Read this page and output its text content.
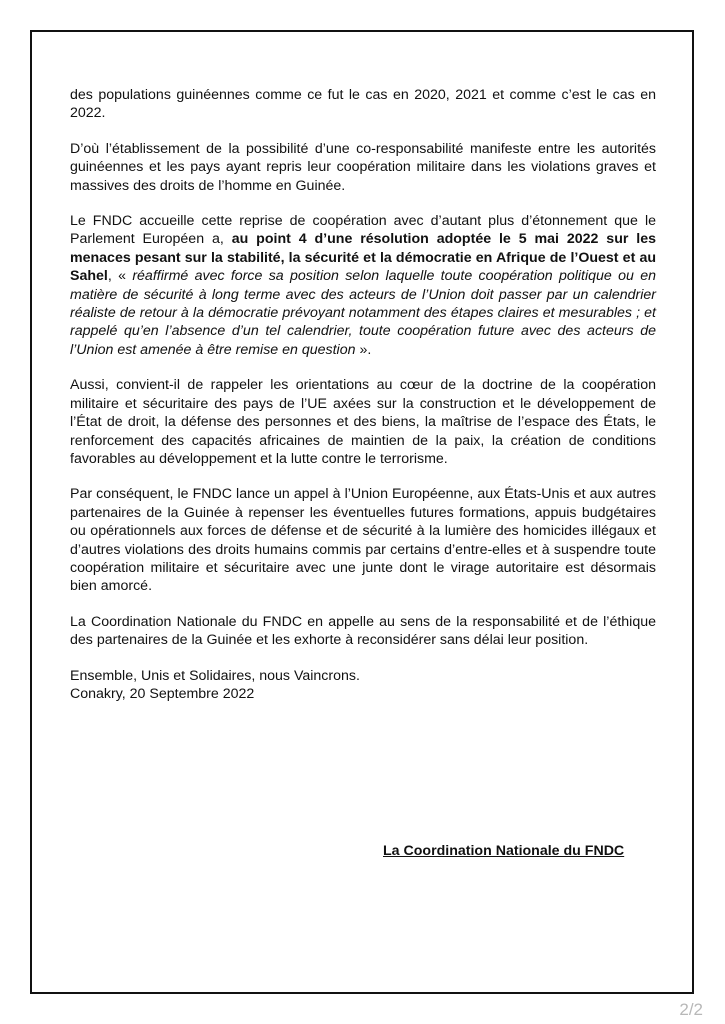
des populations guinéennes comme ce fut le cas en 2020, 2021 et comme c’est le cas en 2022.

D’où l’établissement de la possibilité d’une co-responsabilité manifeste entre les autorités guinéennes et les pays ayant repris leur coopération militaire dans les violations graves et massives des droits de l’homme en Guinée.

Le FNDC accueille cette reprise de coopération avec d’autant plus d’étonnement que le Parlement Européen a, au point 4 d’une résolution adoptée le 5 mai 2022 sur les menaces pesant sur la stabilité, la sécurité et la démocratie en Afrique de l’Ouest et au Sahel, « réaffirmé avec force sa position selon laquelle toute coopération politique ou en matière de sécurité à long terme avec des acteurs de l’Union doit passer par un calendrier réaliste de retour à la démocratie prévoyant notamment des étapes claires et mesurables ; et rappelé qu’en l’absence d’un tel calendrier, toute coopération future avec des acteurs de l’Union est amenée à être remise en question ».

Aussi, convient-il de rappeler les orientations au cœur de la doctrine de la coopération militaire et sécuritaire des pays de l’UE axées sur la construction et le développement de l’État de droit, la défense des personnes et des biens, la maîtrise de l’espace des États, le renforcement des capacités africaines de maintien de la paix, la création de conditions favorables au développement et la lutte contre le terrorisme.

Par conséquent, le FNDC lance un appel à l’Union Européenne, aux États-Unis et aux autres partenaires de la Guinée à repenser les éventuelles futures formations, appuis budgétaires ou opérationnels aux forces de défense et de sécurité à la lumière des homicides illégaux et d’autres violations des droits humains commis par certains d’entre-elles et à suspendre toute coopération militaire et sécuritaire avec une junte dont le virage autoritaire est désormais bien amorcé.

La Coordination Nationale du FNDC en appelle au sens de la responsabilité et de l’éthique des partenaires de la Guinée et les exhorte à reconsidérer sans délai leur position.

Ensemble, Unis et Solidaires, nous Vaincrons.

Conakry, 20 Septembre 2022

La Coordination Nationale du FNDC
2/2
